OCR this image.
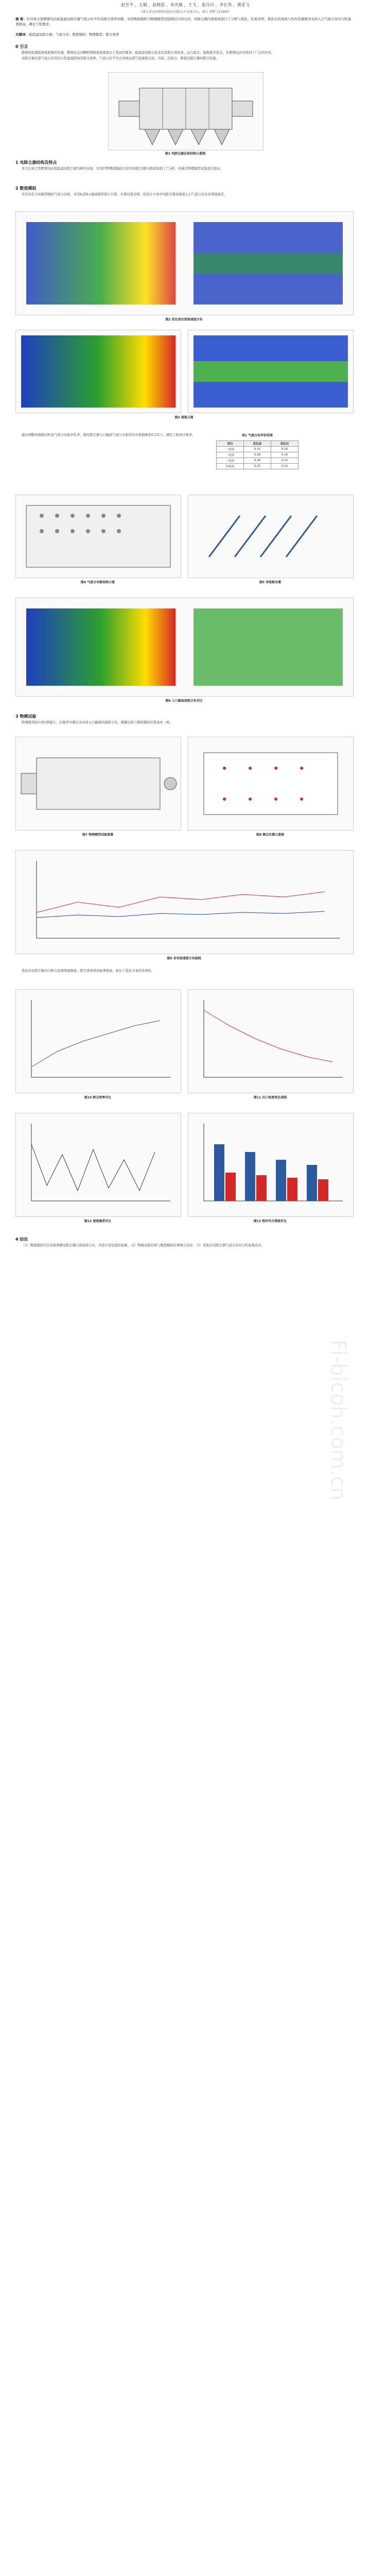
赵芳平 ，王娟 ，赵晓思 ，李庆斌 ，王飞 ，张丹丹 ，李长华 ，黄亚飞
（浙江菲达环保科技股份有限公司 技术中心，浙江 诸暨 311800）
摘 要：针对某大型燃煤电站低低温电除尘器气流分布不均及除尘效率问题，采用数值模拟与物理模型试验相结合的方法，对除尘器内部流场进行了分析与优化。结果表明，优化后的导流与均布装置使各电场入口气流分布均匀性显著提高，满足工程要求。
关键词：低低温电除尘器；气流分布；数值模拟；物理模型；除尘效率
0 引言

随着国家超低排放政策的实施，燃煤电站对颗粒物排放浓度提出了更高的要求。低低温电除尘技术因其除尘效率高、运行稳定、能耗低等优点，在燃煤电站中得到了广泛的应用。

电除尘器内部气流分布的均匀性直接影响其除尘效率。气流分布不均会导致局部气流速度过高，引起二次扬尘，降低电除尘器的除尘性能。

图1 电除尘器总体结构示意图
1 电除尘器结构及特点

本文以某大型燃煤电站低低温电除尘器为研究对象，采用CFD数值模拟方法对电除尘器内部流场进行了分析，并通过物理模型试验进行验证。

2 数值模拟

采用多孔介质模型模拟气流分布板，采用标准k-ε湍流模型进行计算。计算结果表明，原设计方案中电除尘器各通道入口气流分布存在明显偏差。

图2 优化前后流场速度分布
图3 速度云图
表1 气流分布评价结果
项目	优化前	优化后
一电场	0.31	0.16
二电场	0.28	0.14
三电场	0.26	0.13
四电场	0.25	0.12

通过调整导流板结构及气流分布板开孔率，使电除尘器入口截面气流分布相对均方根值降至0.2以下，满足工程设计要求。

图4 气流分布板结构示意	图5 导流板布置
图6 入口截面速度分布对比
3 物模试验

物理模型按1:8比例建立，在模型中测定各电场入口截面的速度分布，测量结果与数值模拟结果基本一致。

图7 物理模型试验装置	图8 测点布置示意图
图9 各电场速度分布曲线

优化后电除尘器出口粉尘浓度明显降低，除尘效率得到显著提高，验证了优化方案的有效性。

图10 除尘效率对比	图11 出口浓度变化曲线
图12 速度偏差对比	图13 相对均方根值对比
4 结论

（1）数值模拟可以有效预测电除尘器内部流场分布，为设计优化提供依据。（2）物模试验结果与数值模拟结果吻合良好。（3）优化后电除尘器气流分布均匀性显著改善。

Fi-bicoh.com.cn
